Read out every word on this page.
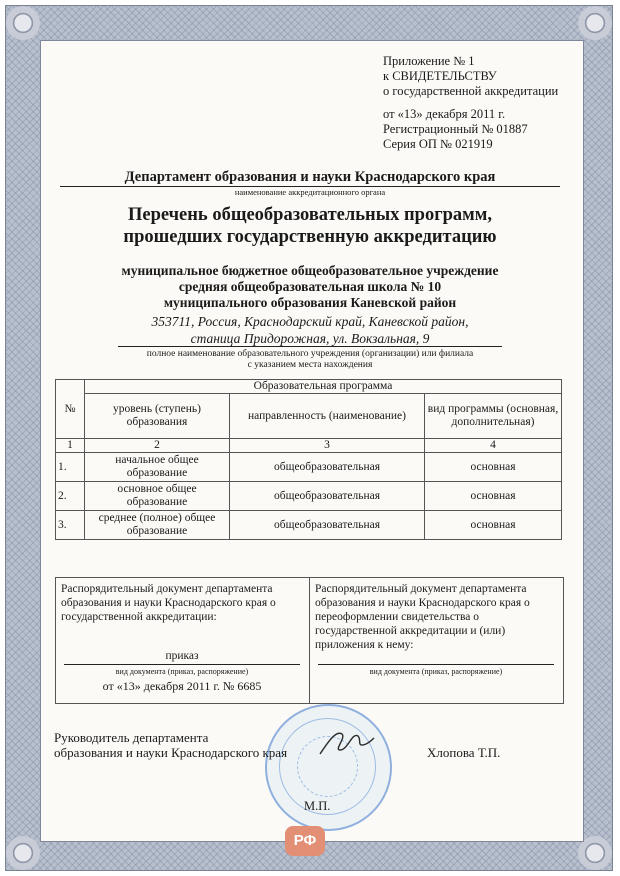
Приложение № 1
к СВИДЕТЕЛЬСТВУ
о государственной аккредитации
от «13» декабря 2011 г.
Регистрационный № 01887
Серия ОП № 021919
Департамент образования и науки Краснодарского края
наименование аккредитационного органа
Перечень общеобразовательных программ,
прошедших государственную аккредитацию
муниципальное бюджетное общеобразовательное учреждение
средняя общеобразовательная школа № 10
муниципального образования Каневской район
353711, Россия, Краснодарский край, Каневской район,
станица Придорожная, ул. Вокзальная, 9
полное наименование образовательного учреждения (организации) или филиала
с указанием места нахождения
№	Образовательная программа		
	уровень (ступень) образования	направленность (наименование)	вид программы (основная, дополнительная)
1	2	3	4
1.	начальное общее образование	общеобразовательная	основная
2.	основное общее образование	общеобразовательная	основная
3.	среднее (полное) общее образование	общеобразовательная	основная
Распорядительный документ департамента образования и науки Краснодарского края о государственной аккредитации:
приказ
вид документа (приказ, распоряжение)
от «13» декабря 2011 г. № 6685
Распорядительный документ департамента образования и науки Краснодарского края о переоформлении свидетельства о государственной аккредитации и (или) приложения к нему:
------------------
вид документа (приказ, распоряжение)
Руководитель департамента
образования и науки Краснодарского края	Хлопова Т.П.
М.П.
РФ
